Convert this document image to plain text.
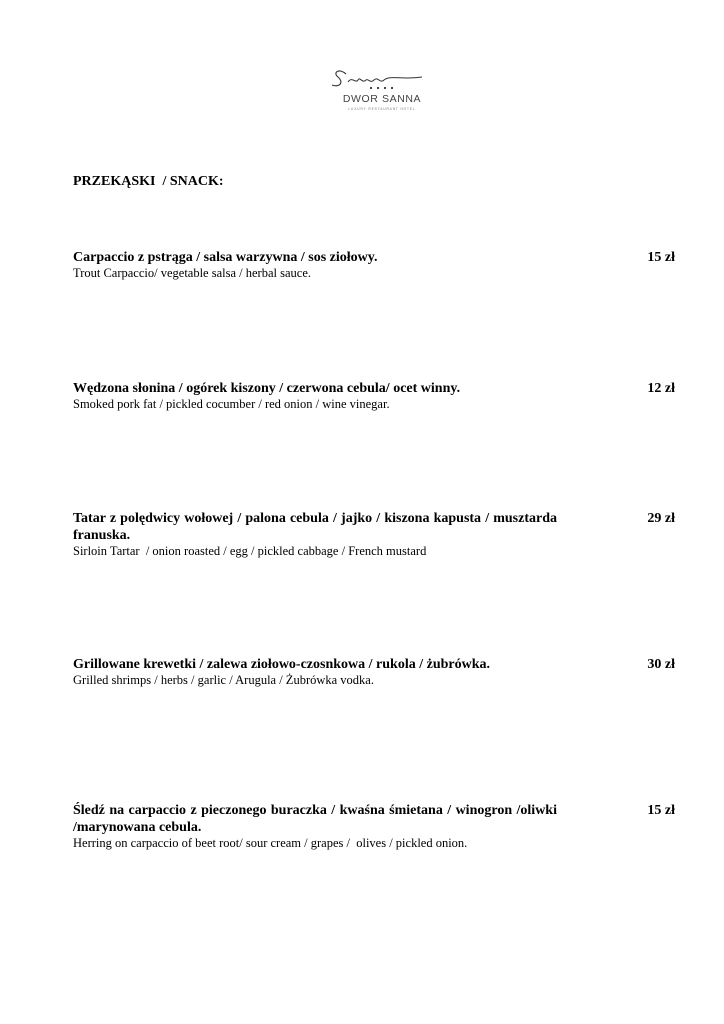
DWOR SANNA
LUXURY RESTAURANT HOTEL
PRZEKĄSKI  / SNACK:
Carpaccio z pstrąga / salsa warzywna / sos ziołowy.
Trout Carpaccio/ vegetable salsa / herbal sauce.
15 zł
Wędzona słonina / ogórek kiszony / czerwona cebula/ ocet winny.
Smoked pork fat / pickled cocumber / red onion / wine vinegar.
12 zł
Tatar z polędwicy wołowej / palona cebula / jajko / kiszona kapusta / musztarda franuska.
Sirloin Tartar  / onion roasted / egg / pickled cabbage / French mustard
29 zł
Grillowane krewetki / zalewa ziołowo-czosnkowa / rukola / żubrówka.
Grilled shrimps / herbs / garlic / Arugula / Żubrówka vodka.
30 zł
Śledź na carpaccio z pieczonego buraczka / kwaśna śmietana / winogron /oliwki /marynowana cebula.
Herring on carpaccio of beet root/ sour cream / grapes /  olives / pickled onion.
15 zł
